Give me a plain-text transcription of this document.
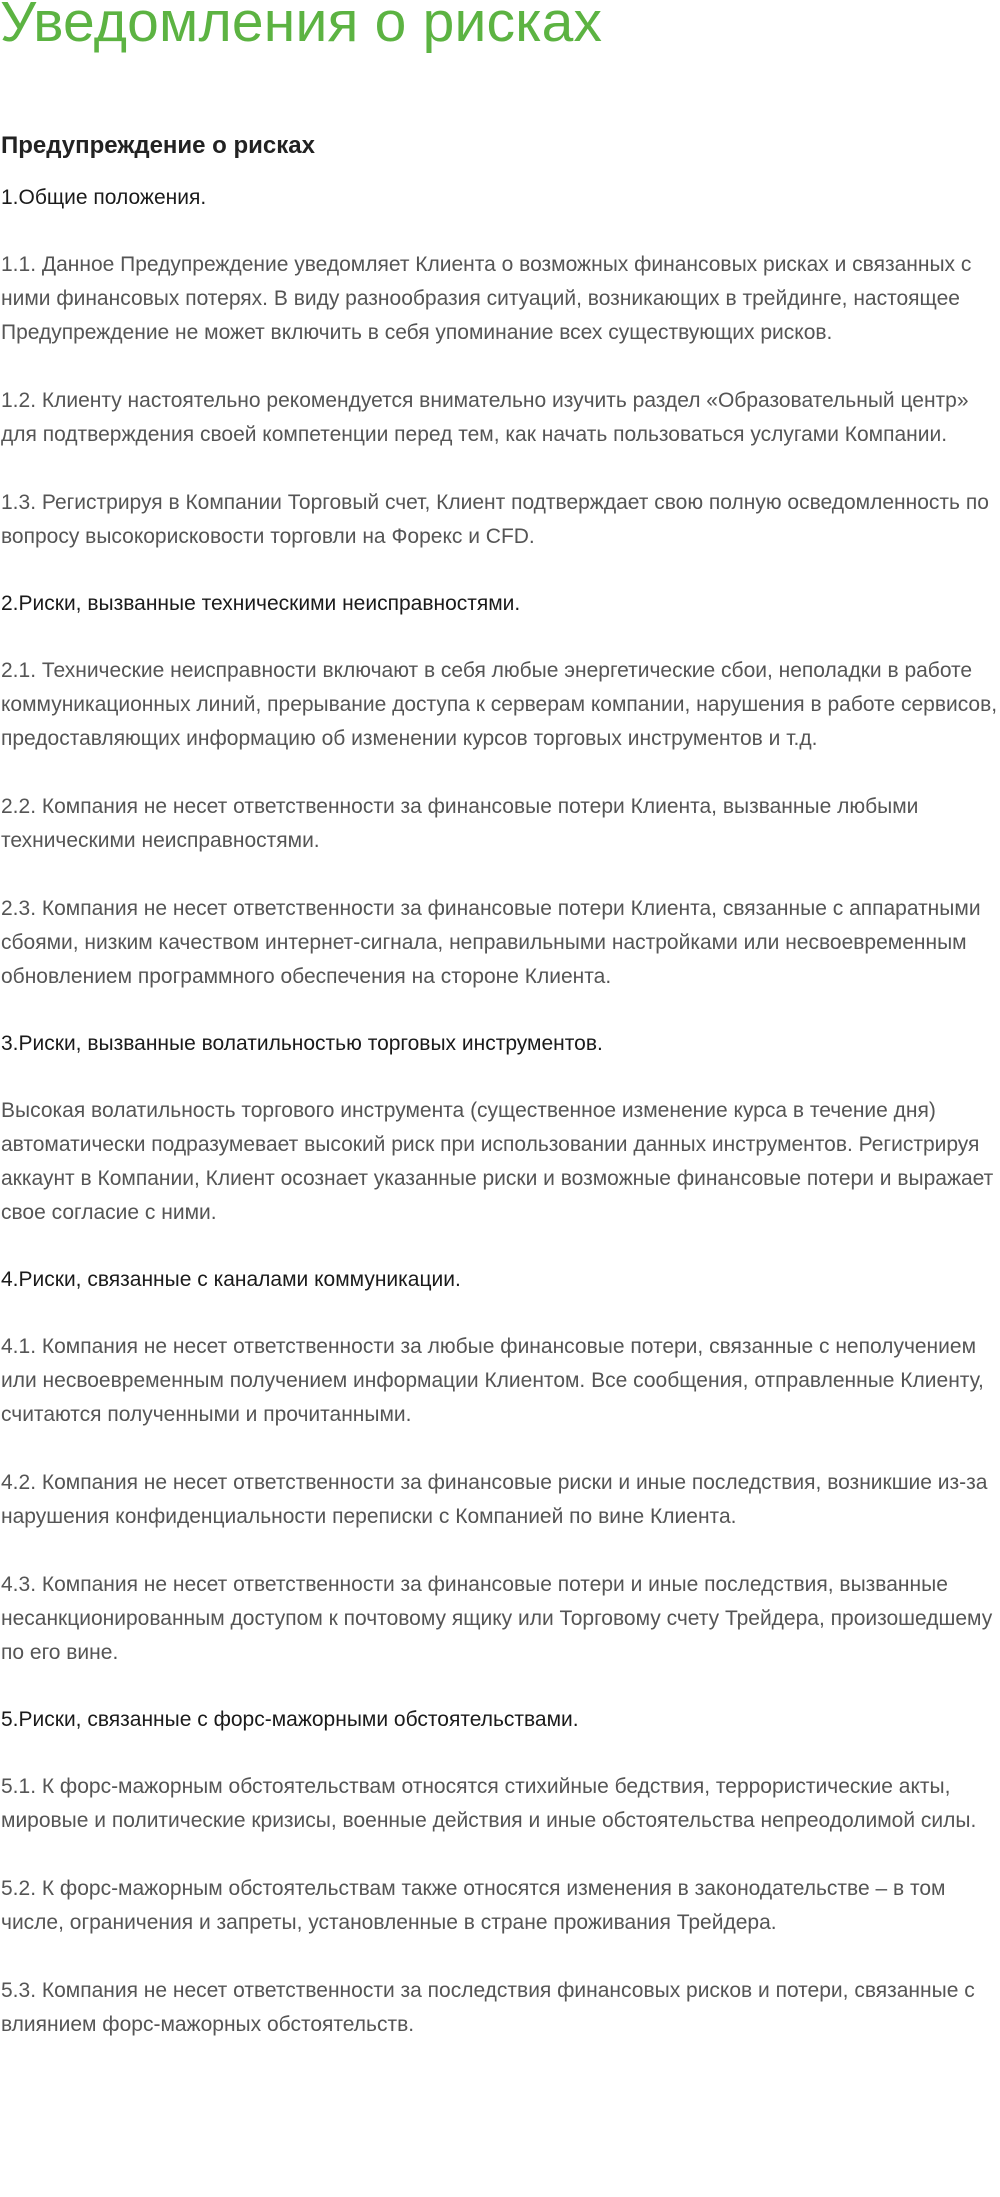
Уведомления о рисках
Предупреждение о рисках

1.Общие положения.

1.1. Данное Предупреждение уведомляет Клиента о возможных финансовых рисках и связанных с ними финансовых потерях. В виду разнообразия ситуаций, возникающих в трейдинге, настоящее Предупреждение не может включить в себя упоминание всех существующих рисков.

1.2. Клиенту настоятельно рекомендуется внимательно изучить раздел «Образовательный центр» для подтверждения своей компетенции перед тем, как начать пользоваться услугами Компании.

1.3. Регистрируя в Компании Торговый счет, Клиент подтверждает свою полную осведомленность по вопросу высокорисковости торговли на Форекс и CFD.

2.Риски, вызванные техническими неисправностями.

2.1. Технические неисправности включают в себя любые энергетические сбои, неполадки в работе коммуникационных линий, прерывание доступа к серверам компании, нарушения в работе сервисов, предоставляющих информацию об изменении курсов торговых инструментов и т.д.

2.2. Компания не несет ответственности за финансовые потери Клиента, вызванные любыми техническими неисправностями.

2.3. Компания не несет ответственности за финансовые потери Клиента, связанные с аппаратными сбоями, низким качеством интернет-сигнала, неправильными настройками или несвоевременным обновлением программного обеспечения на стороне Клиента.

3.Риски, вызванные волатильностью торговых инструментов.

Высокая волатильность торгового инструмента (существенное изменение курса в течение дня) автоматически подразумевает высокий риск при использовании данных инструментов. Регистрируя аккаунт в Компании, Клиент осознает указанные риски и возможные финансовые потери и выражает свое согласие с ними.

4.Риски, связанные с каналами коммуникации.

4.1. Компания не несет ответственности за любые финансовые потери, связанные с неполучением или несвоевременным получением информации Клиентом. Все сообщения, отправленные Клиенту, считаются полученными и прочитанными.

4.2. Компания не несет ответственности за финансовые риски и иные последствия, возникшие из-за нарушения конфиденциальности переписки с Компанией по вине Клиента.

4.3. Компания не несет ответственности за финансовые потери и иные последствия, вызванные несанкционированным доступом к почтовому ящику или Торговому счету Трейдера, произошедшему по его вине.

5.Риски, связанные с форс-мажорными обстоятельствами.

5.1. К форс-мажорным обстоятельствам относятся стихийные бедствия, террористические акты, мировые и политические кризисы, военные действия и иные обстоятельства непреодолимой силы.

5.2. К форс-мажорным обстоятельствам также относятся изменения в законодательстве – в том числе, ограничения и запреты, установленные в стране проживания Трейдера.

5.3. Компания не несет ответственности за последствия финансовых рисков и потери, связанные с влиянием форс-мажорных обстоятельств.
